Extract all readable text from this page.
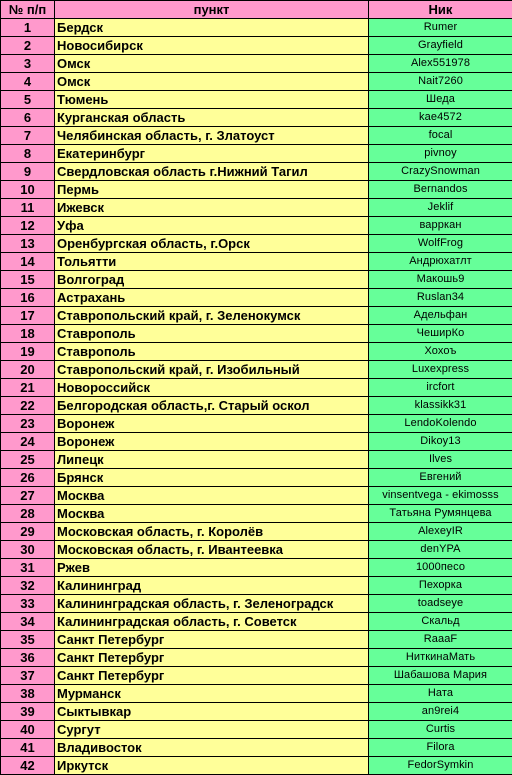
№ п/п	пункт	Ник
1	Бердск	Rumer
2	Новосибирск	Grayfield
3	Омск	Alex551978
4	Омск	Nait7260
5	Тюмень	Шеда
6	Курганская область	kae4572
7	Челябинская область, г. Златоуст	focal
8	Екатеринбург	pivnoy
9	Свердловская область г.Нижний Тагил	CrazySnowman
10	Пермь	Bernandos
11	Ижевск	Jeklif
12	Уфа	варркан
13	Оренбургская область, г.Орск	WolfFrog
14	Тольятти	Андрюхатлт
15	Волгоград	Макошь9
16	Астрахань	Ruslan34
17	Ставропольский край, г. Зеленокумск	Адельфан
18	Ставрополь	ЧеширКо
19	Ставрополь	Хохоъ
20	Ставропольский край, г. Изобильный	Luxexpress
21	Новороссийск	ircfort
22	Белгородская область,г. Старый оскол	klassikk31
23	Воронеж	LendoKolendo
24	Воронеж	Dikoy13
25	Липецк	Ilves
26	Брянск	Евгений
27	Москва	vinsentvega - ekimosss
28	Москва	Татьяна Румянцева
29	Московская область, г. Королёв	AlexeyIR
30	Московская область, г. Ивантеевка	denYPA
31	Ржев	1000песо
32	Калининград	Пехорка
33	Калининградская область, г. Зеленоградск	toadseye
34	Калининградская область, г. Советск	Скальд
35	Санкт Петербург	RaaaF
36	Санкт Петербург	НиткинаМать
37	Санкт Петербург	Шабашова Мария
38	Мурманск	Ната
39	Сыктывкар	an9rei4
40	Сургут	Curtis
41	Владивосток	Filora
42	Иркутск	FedorSymkin
